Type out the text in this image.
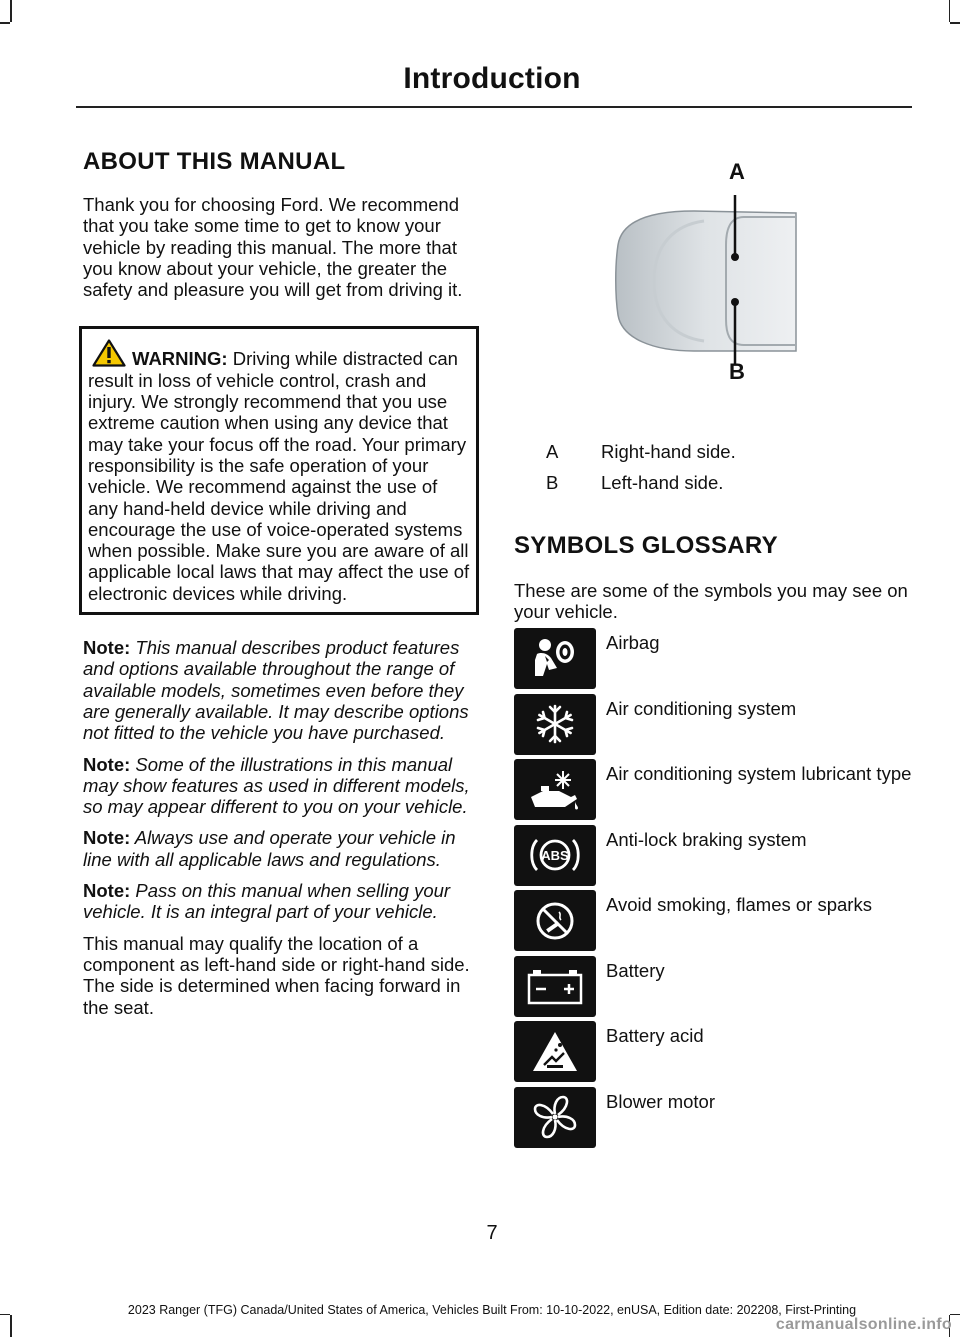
Introduction
ABOUT THIS MANUAL

Thank you for choosing Ford. We recommend that you take some time to get to know your vehicle by reading this manual. The more that you know about your vehicle, the greater the safety and pleasure you will get from driving it.

WARNING: Driving while distracted can result in loss of vehicle control, crash and injury. We strongly recommend that you use extreme caution when using any device that may take your focus off the road. Your primary responsibility is the safe operation of your vehicle. We recommend against the use of any hand-held device while driving and encourage the use of voice-operated systems when possible. Make sure you are aware of all applicable local laws that may affect the use of electronic devices while driving.

Note: This manual describes product features and options available throughout the range of available models, sometimes even before they are generally available. It may describe options not fitted to the vehicle you have purchased.

Note: Some of the illustrations in this manual may show features as used in different models, so may appear different to you on your vehicle.

Note: Always use and operate your vehicle in line with all applicable laws and regulations.

Note: Pass on this manual when selling your vehicle. It is an integral part of your vehicle.

This manual may qualify the location of a component as left-hand side or right-hand side. The side is determined when facing forward in the seat.

A
B
A	Right-hand side.
B	Left-hand side.
SYMBOLS GLOSSARY

These are some of the symbols you may see on your vehicle.

Airbag
Air conditioning system
Air conditioning system lubricant type
ABS
Anti-lock braking system
Avoid smoking, flames or sparks
Battery
Battery acid
Blower motor
7
2023 Ranger (TFG) Canada/United States of America, Vehicles Built From: 10-10-2022, enUSA, Edition date: 202208, First-Printing
carmanualsonline.info
